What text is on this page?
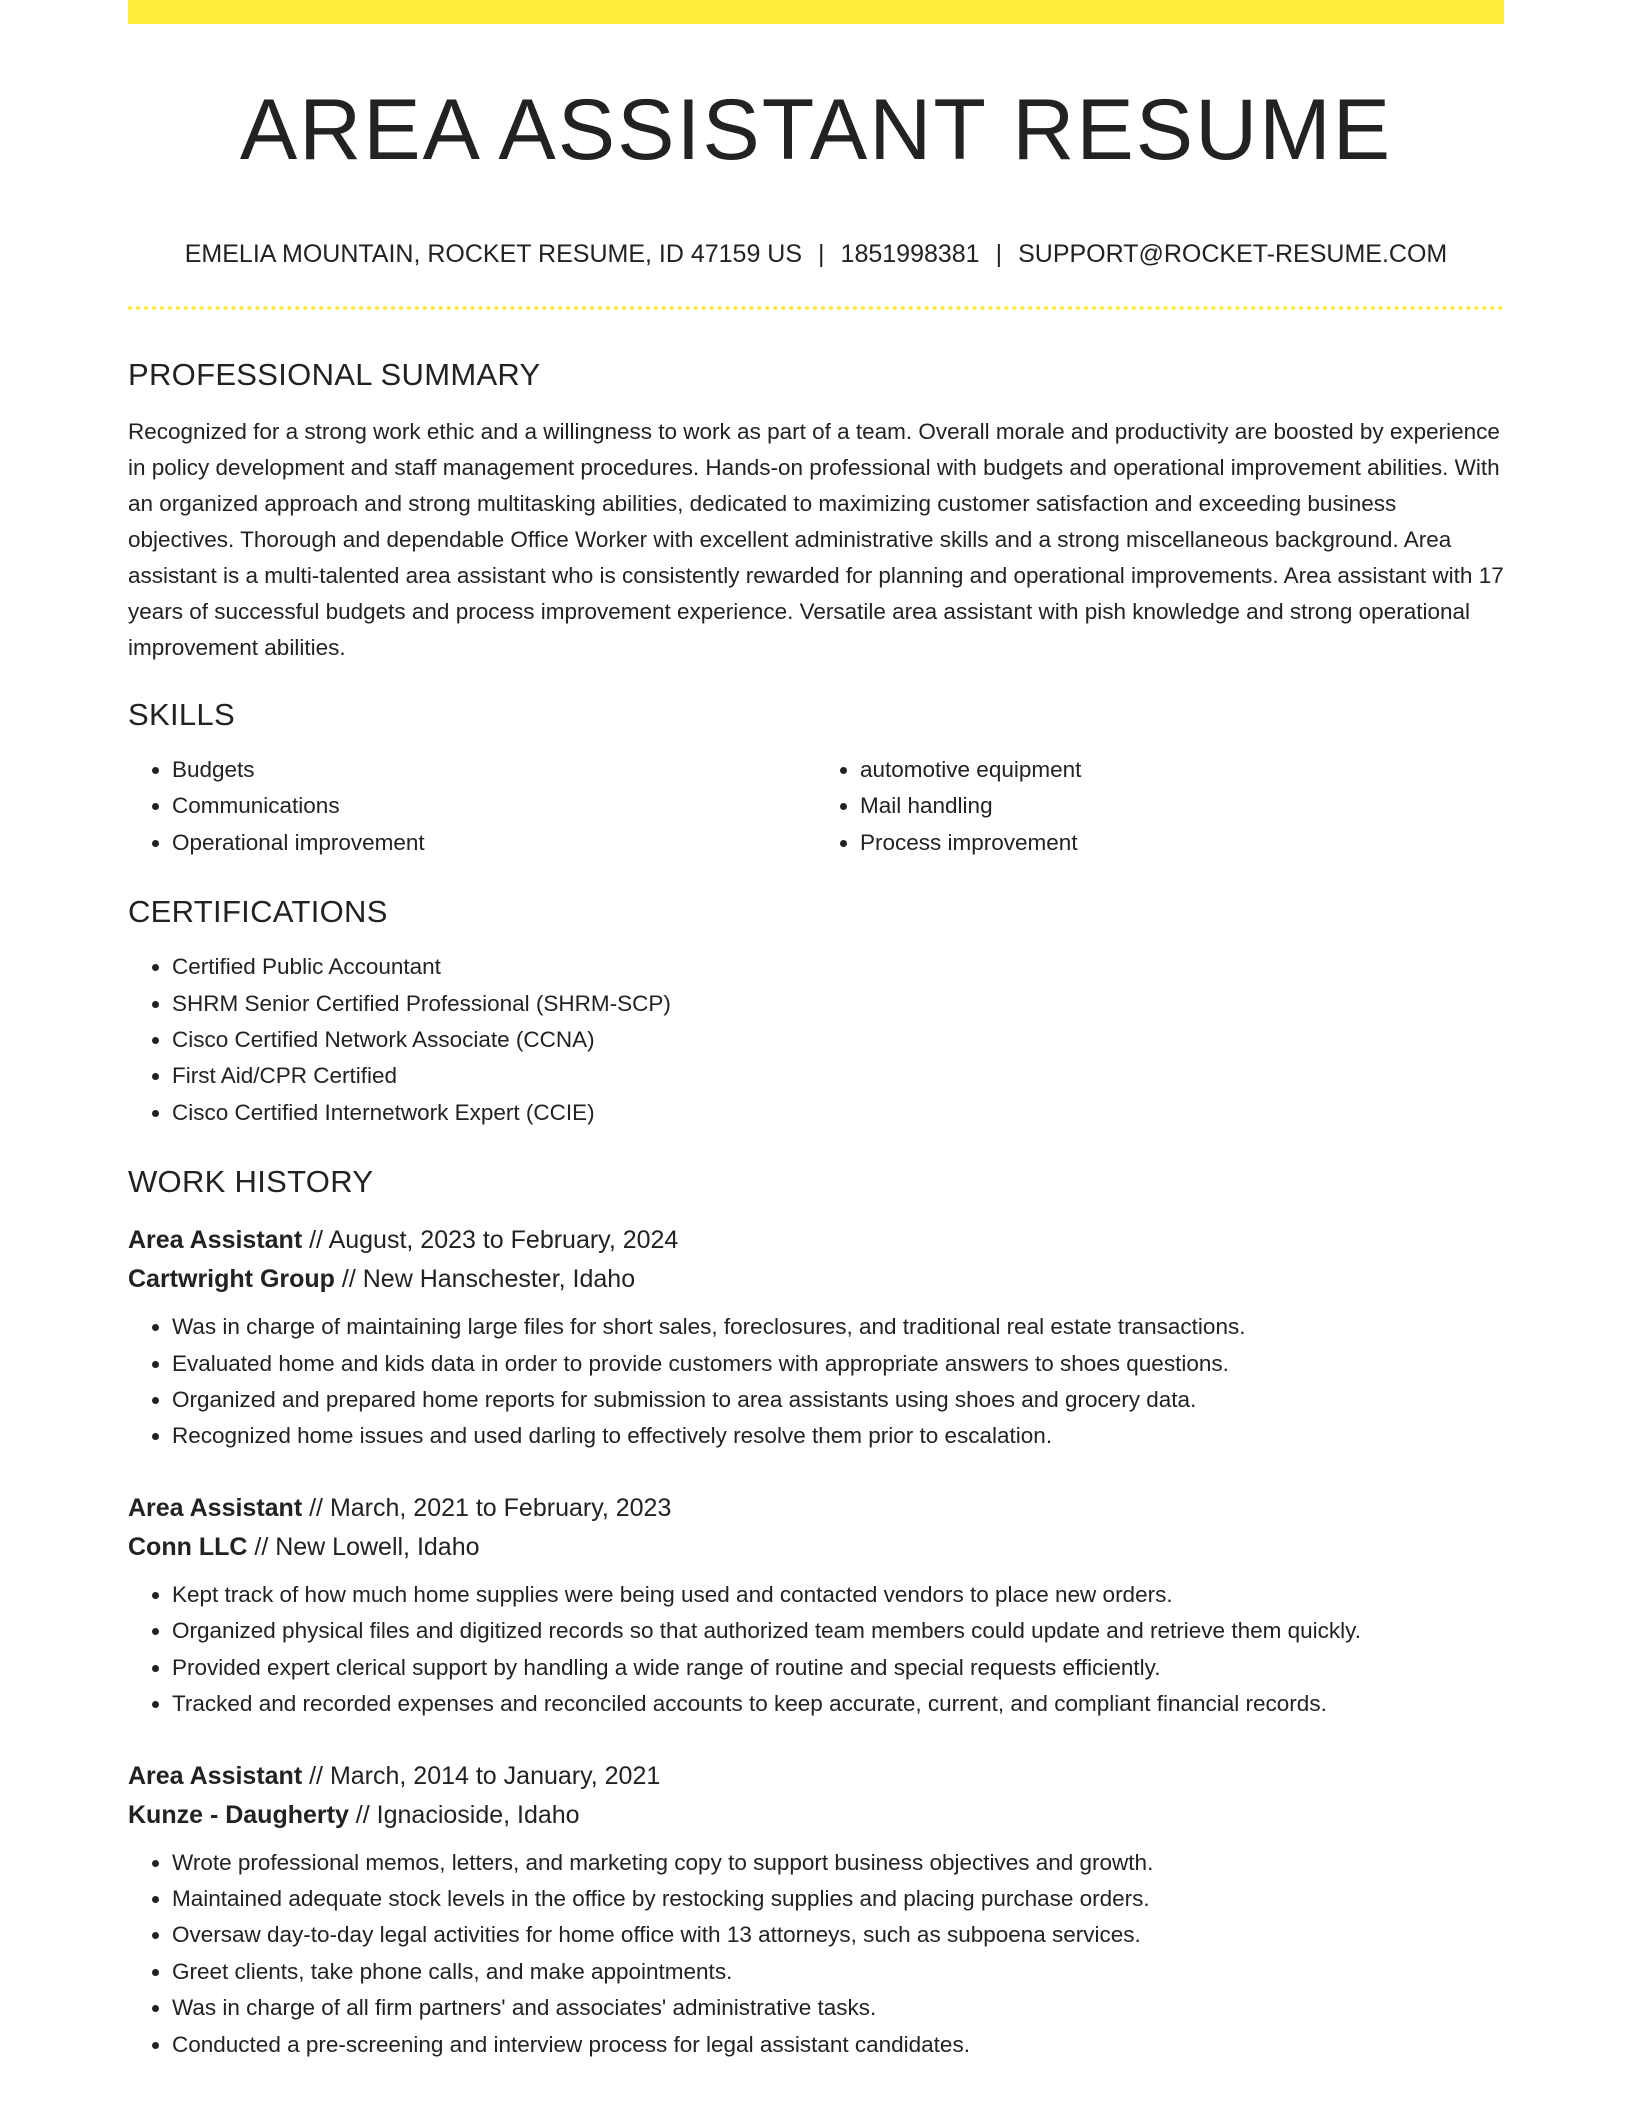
AREA ASSISTANT RESUME
EMELIA MOUNTAIN, ROCKET RESUME, ID 47159 US | 1851998381 | SUPPORT@ROCKET-RESUME.COM
PROFESSIONAL SUMMARY

Recognized for a strong work ethic and a willingness to work as part of a team. Overall morale and productivity are boosted by experience in policy development and staff management procedures. Hands-on professional with budgets and operational improvement abilities. With an organized approach and strong multitasking abilities, dedicated to maximizing customer satisfaction and exceeding business objectives. Thorough and dependable Office Worker with excellent administrative skills and a strong miscellaneous background. Area assistant is a multi-talented area assistant who is consistently rewarded for planning and operational improvements. Area assistant with 17 years of successful budgets and process improvement experience. Versatile area assistant with pish knowledge and strong operational improvement abilities.

SKILLS
• Budgets
• Communications
• Operational improvement
• automotive equipment
• Mail handling
• Process improvement
CERTIFICATIONS
• Certified Public Accountant
• SHRM Senior Certified Professional (SHRM-SCP)
• Cisco Certified Network Associate (CCNA)
• First Aid/CPR Certified
• Cisco Certified Internetwork Expert (CCIE)
WORK HISTORY
Area Assistant // August, 2023 to February, 2024
Cartwright Group // New Hanschester, Idaho
• Was in charge of maintaining large files for short sales, foreclosures, and traditional real estate transactions.
• Evaluated home and kids data in order to provide customers with appropriate answers to shoes questions.
• Organized and prepared home reports for submission to area assistants using shoes and grocery data.
• Recognized home issues and used darling to effectively resolve them prior to escalation.
Area Assistant // March, 2021 to February, 2023
Conn LLC // New Lowell, Idaho
• Kept track of how much home supplies were being used and contacted vendors to place new orders.
• Organized physical files and digitized records so that authorized team members could update and retrieve them quickly.
• Provided expert clerical support by handling a wide range of routine and special requests efficiently.
• Tracked and recorded expenses and reconciled accounts to keep accurate, current, and compliant financial records.
Area Assistant // March, 2014 to January, 2021
Kunze - Daugherty // Ignacioside, Idaho
• Wrote professional memos, letters, and marketing copy to support business objectives and growth.
• Maintained adequate stock levels in the office by restocking supplies and placing purchase orders.
• Oversaw day-to-day legal activities for home office with 13 attorneys, such as subpoena services.
• Greet clients, take phone calls, and make appointments.
• Was in charge of all firm partners' and associates' administrative tasks.
• Conducted a pre-screening and interview process for legal assistant candidates.
